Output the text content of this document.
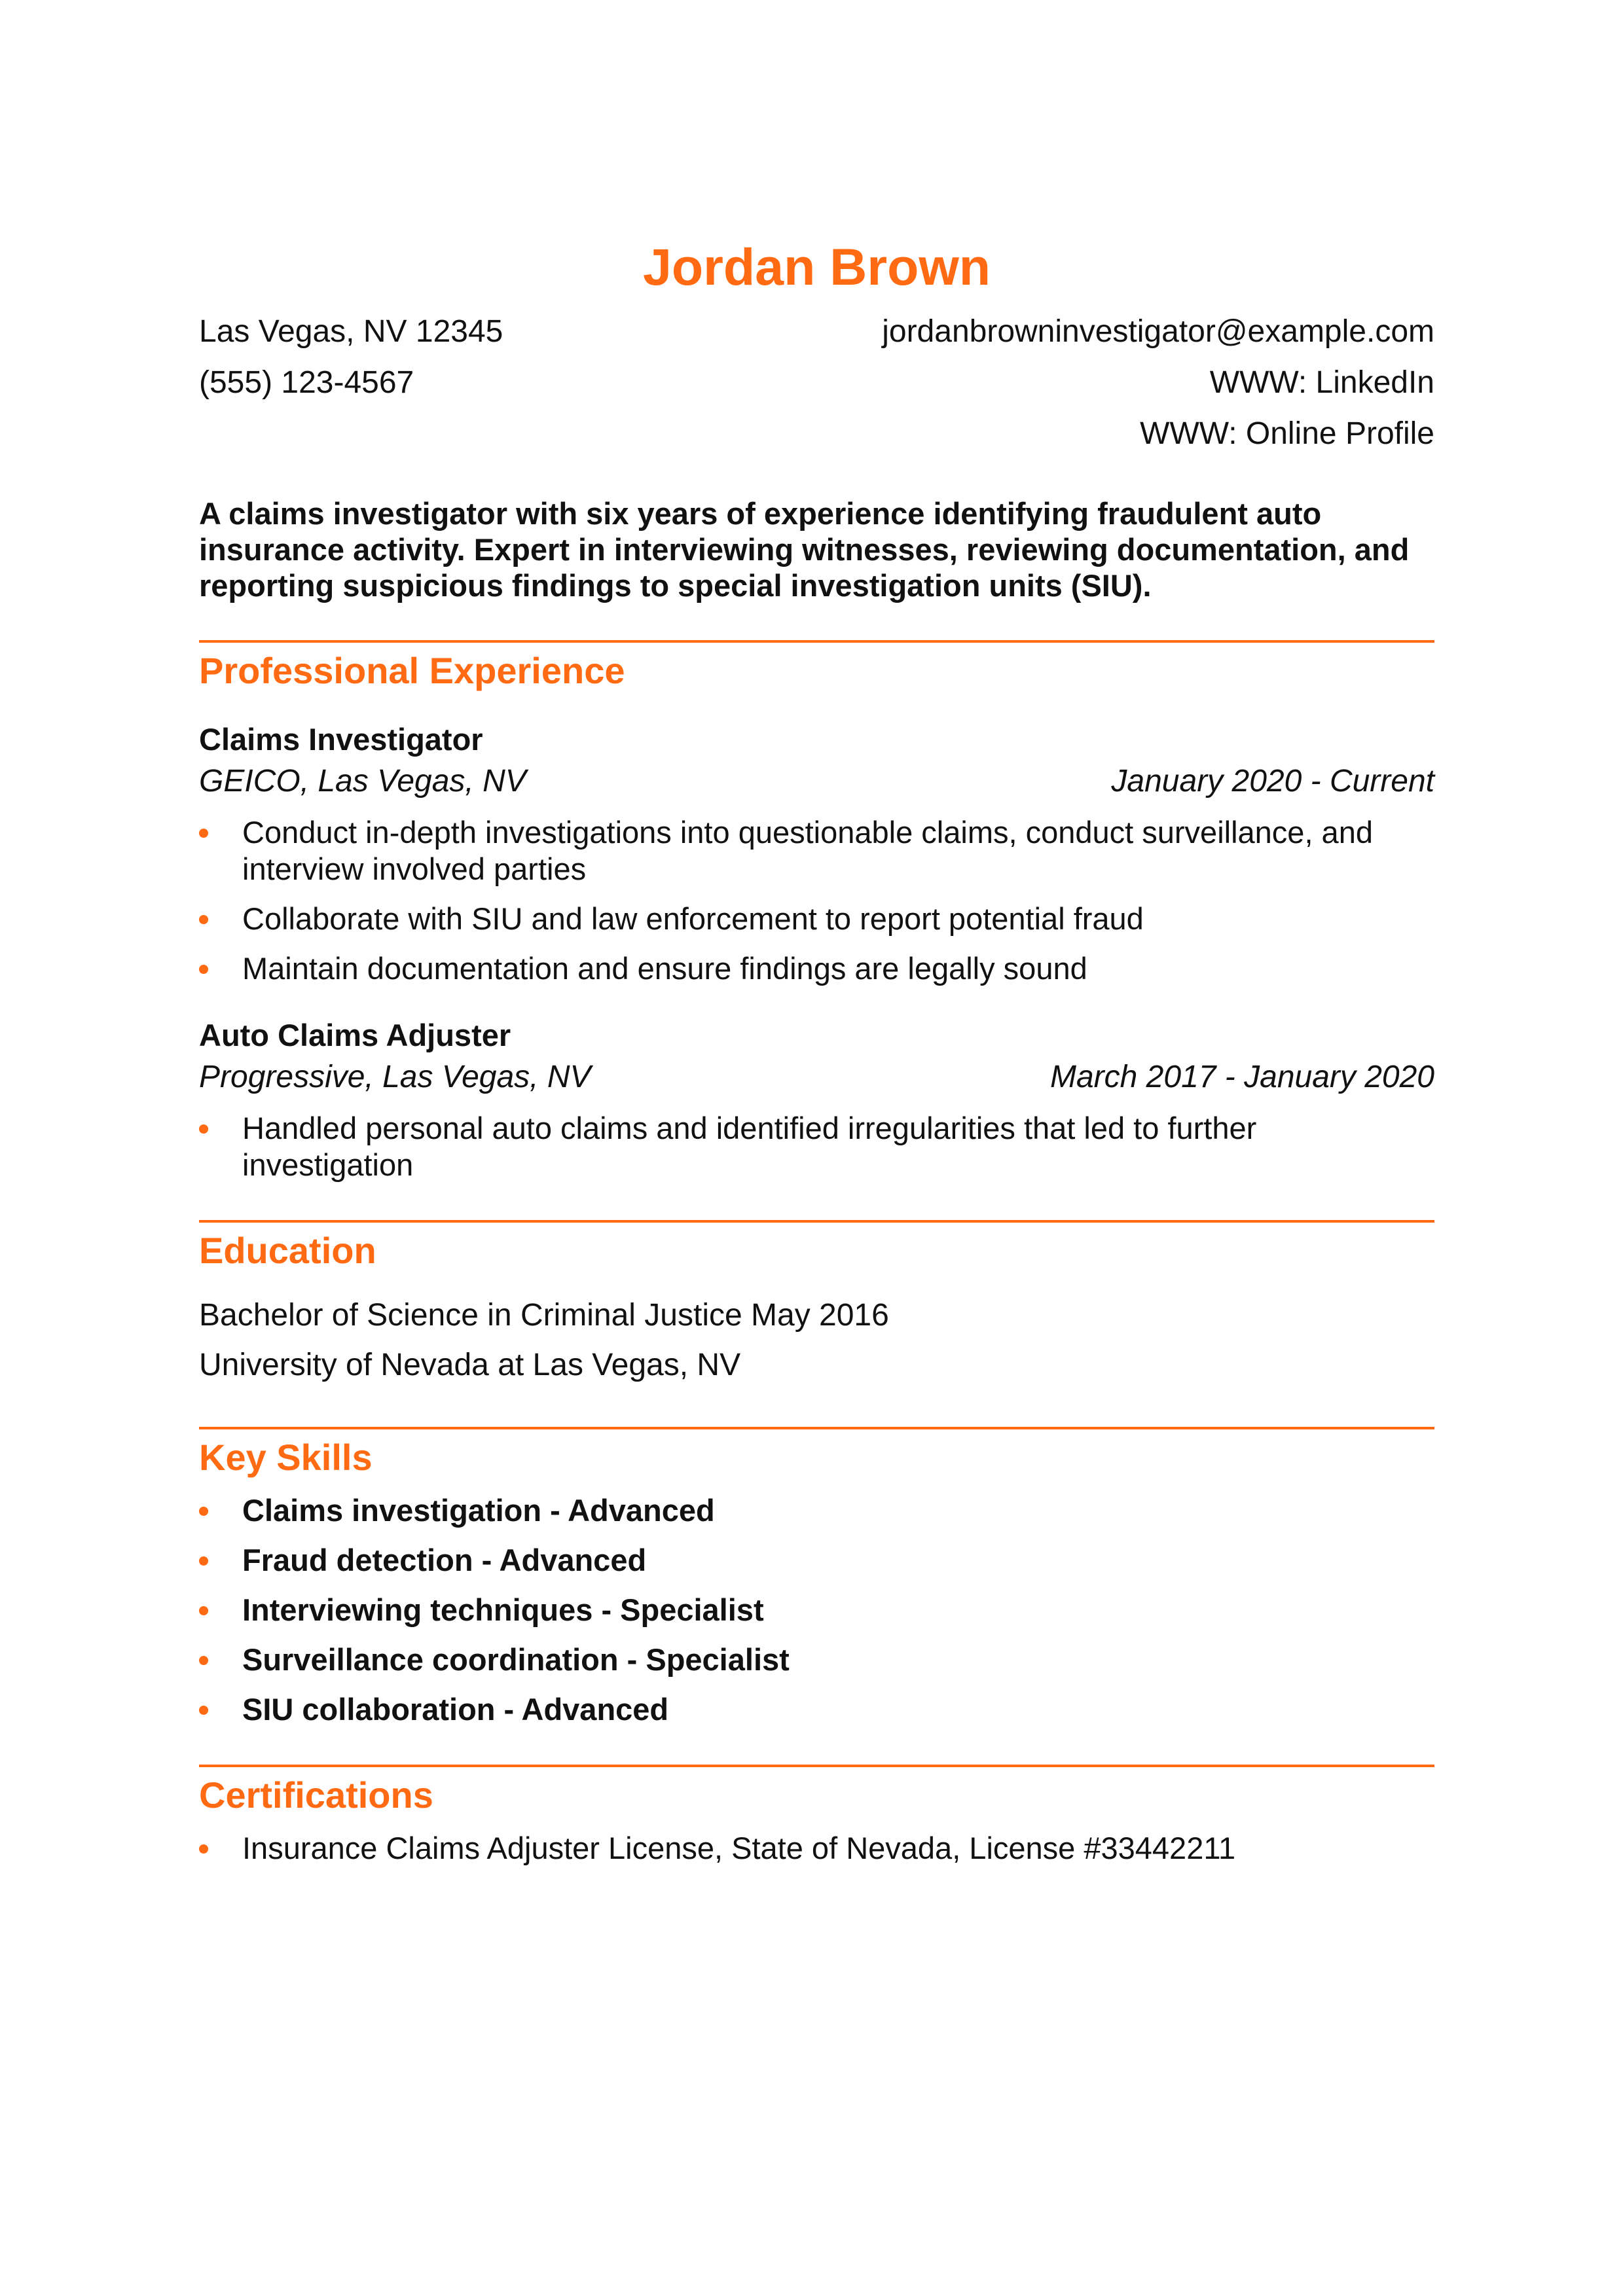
Jordan Brown
Las Vegas, NV 12345	jordanbrowninvestigator@example.com
(555) 123-4567	WWW: LinkedIn
WWW: Online Profile
A claims investigator with six years of experience identifying fraudulent auto insurance activity. Expert in interviewing witnesses, reviewing documentation, and reporting suspicious findings to special investigation units (SIU).
Professional Experience
Claims Investigator
GEICO, Las Vegas, NV	January 2020 - Current
Conduct in-depth investigations into questionable claims, conduct surveillance, and interview involved parties
Collaborate with SIU and law enforcement to report potential fraud
Maintain documentation and ensure findings are legally sound
Auto Claims Adjuster
Progressive, Las Vegas, NV	March 2017 - January 2020
Handled personal auto claims and identified irregularities that led to further investigation
Education
Bachelor of Science in Criminal Justice May 2016
University of Nevada at Las Vegas, NV
Key Skills
Claims investigation - Advanced
Fraud detection - Advanced
Interviewing techniques - Specialist
Surveillance coordination - Specialist
SIU collaboration - Advanced
Certifications
Insurance Claims Adjuster License, State of Nevada, License #33442211
